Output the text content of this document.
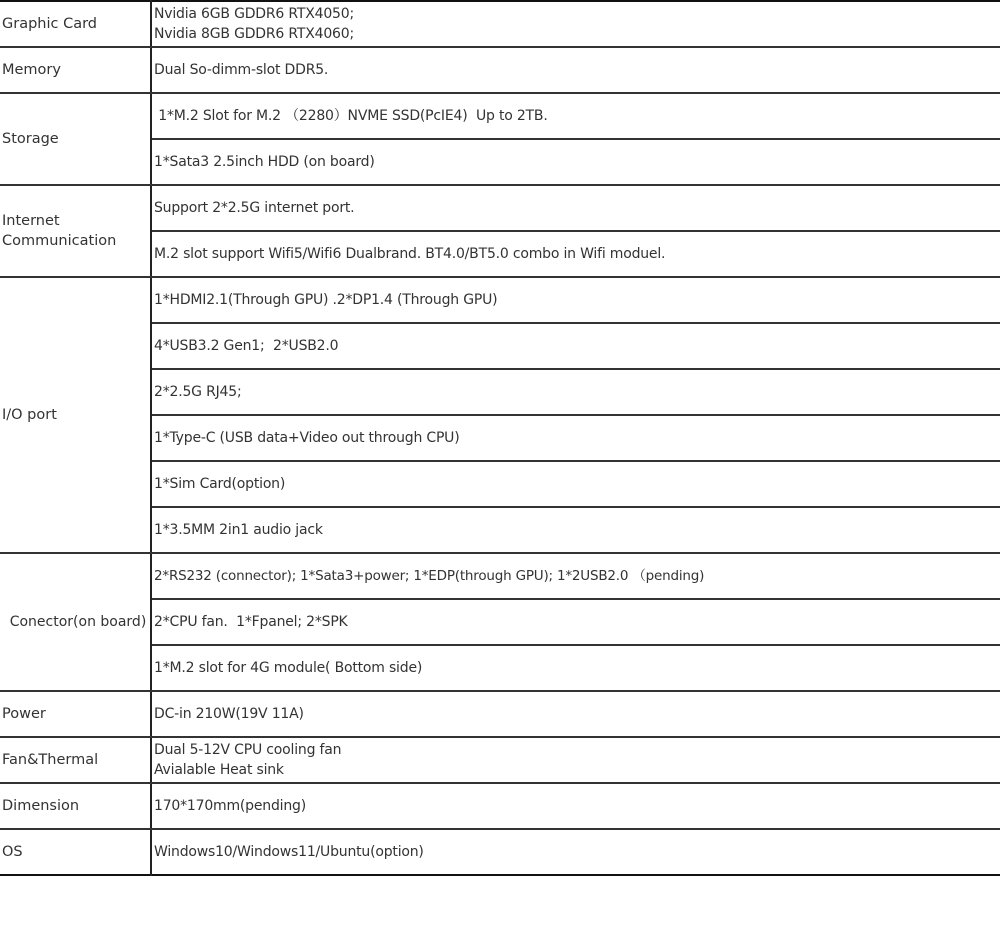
Graphic Card	Nvidia 6GB GDDR6 RTX4050;
Nvidia 8GB GDDR6 RTX4060;

Memory	Dual So-dimm-slot DDR5.
Storage	1*M.2 Slot for M.2 （2280）NVME SSD(PcIE4)  Up to 2TB.
	1*Sata3 2.5inch HDD (on board)
Internet Communication	Support 2*2.5G internet port.
	M.2 slot support Wifi5/Wifi6 Dualbrand. BT4.0/BT5.0 combo in Wifi moduel.
I/O port	1*HDMI2.1(Through GPU) .2*DP1.4 (Through GPU)
	4*USB3.2 Gen1;  2*USB2.0
	2*2.5G RJ45;
	1*Type-C (USB data+Video out through CPU)
	1*Sim Card(option)
	1*3.5MM 2in1 audio jack
Conector(on board)	2*RS232 (connector); 1*Sata3+power; 1*EDP(through GPU); 1*2USB2.0 （pending)
	2*CPU fan.  1*Fpanel; 2*SPK
	1*M.2 slot for 4G module( Bottom side)
Power	DC-in 210W(19V 11A)
Fan&Thermal	Dual 5-12V CPU cooling fan
Avialable Heat sink

Dimension	170*170mm(pending)
OS	Windows10/Windows11/Ubuntu(option)
